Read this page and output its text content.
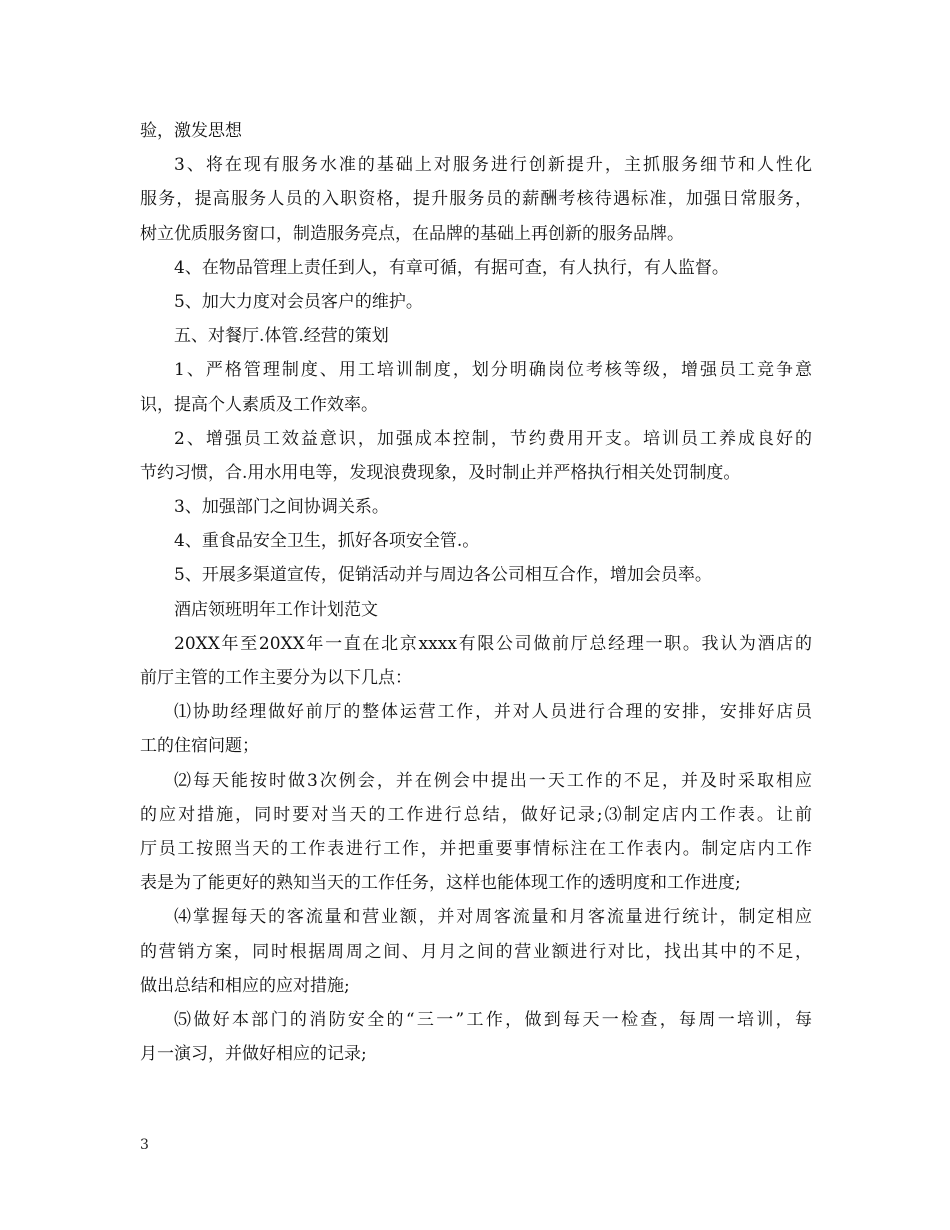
验，激发思想
3、将在现有服务水准的基础上对服务进行创新提升，主抓服务细节和人性化
服务，提高服务人员的入职资格，提升服务员的薪酬考核待遇标准，加强日常服务，
树立优质服务窗口，制造服务亮点，在品牌的基础上再创新的服务品牌。
4、在物品管理上责任到人，有章可循，有据可查，有人执行，有人监督。
5、加大力度对会员客户的维护。
五、对餐厅.体管.经营的策划
1、严格管理制度、用工培训制度，划分明确岗位考核等级，增强员工竞争意
识，提高个人素质及工作效率。
2、增强员工效益意识，加强成本控制，节约费用开支。培训员工养成良好的
节约习惯，合.用水用电等，发现浪费现象，及时制止并严格执行相关处罚制度。
3、加强部门之间协调关系。
4、重食品安全卫生，抓好各项安全管.。
5、开展多渠道宣传，促销活动并与周边各公司相互合作，增加会员率。
酒店领班明年工作计划范文
20XX年至20XX年一直在北京xxxx有限公司做前厅总经理一职。我认为酒店的
前厅主管的工作主要分为以下几点：
⑴协助经理做好前厅的整体运营工作，并对人员进行合理的安排，安排好店员
工的住宿问题；
⑵每天能按时做3次例会，并在例会中提出一天工作的不足，并及时采取相应
的应对措施，同时要对当天的工作进行总结，做好记录;⑶制定店内工作表。让前
厅员工按照当天的工作表进行工作，并把重要事情标注在工作表内。制定店内工作
表是为了能更好的熟知当天的工作任务，这样也能体现工作的透明度和工作进度;
⑷掌握每天的客流量和营业额，并对周客流量和月客流量进行统计，制定相应
的营销方案，同时根据周周之间、月月之间的营业额进行对比，找出其中的不足，
做出总结和相应的应对措施;
⑸做好本部门的消防安全的“三一”工作，做到每天一检查，每周一培训，每
月一演习，并做好相应的记录;
3
